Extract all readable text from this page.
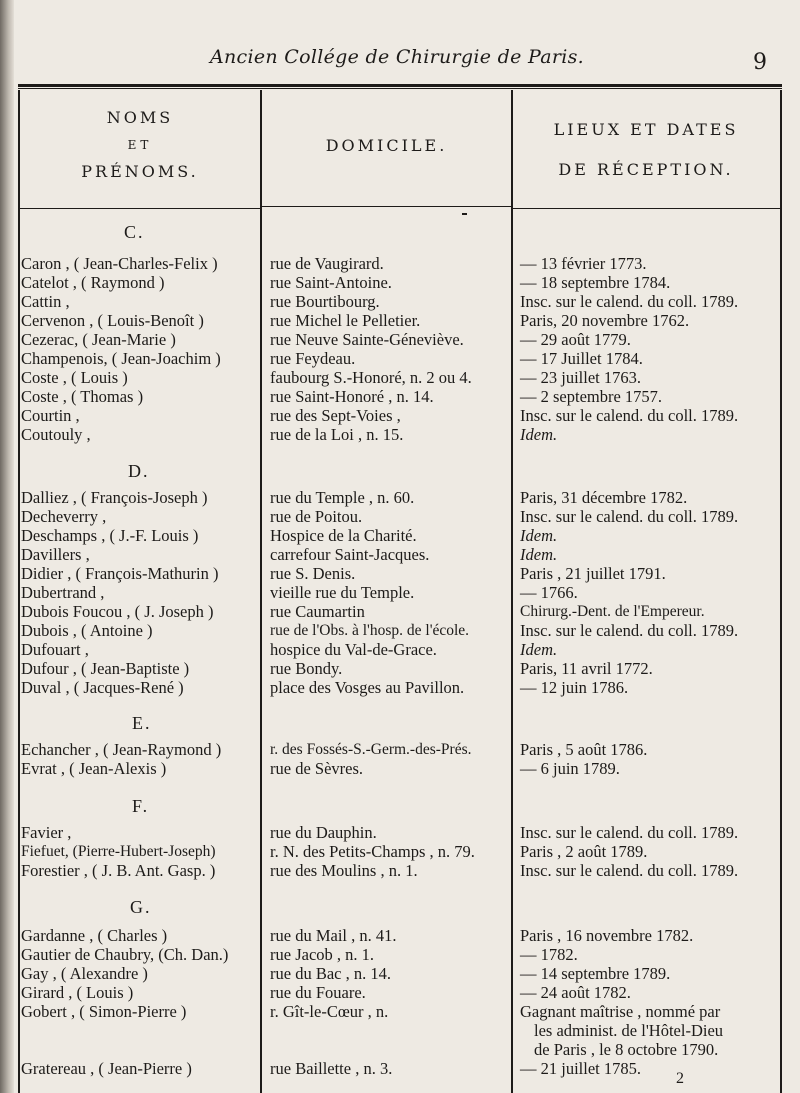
Ancien Collége de Chirurgie de Paris.	9
NOMS
ET
PRÉNOMS.
DOMICILE.
LIEUX ET DATES
DE RÉCEPTION.
C.
D.
E.
F.
G.
Caron , ( Jean-Charles-Felix )	rue de Vaugirard.	— 13 février 1773.
Catelot , ( Raymond )	rue Saint-Antoine.	— 18 septembre 1784.
Cattin ,	rue Bourtibourg.	Insc. sur le calend. du coll. 1789.
Cervenon , ( Louis-Benoît )	rue Michel le Pelletier.	Paris, 20 novembre 1762.
Cezerac, ( Jean-Marie )	rue Neuve Sainte-Géneviève.	— 29 août 1779.
Champenois, ( Jean-Joachim )	rue Feydeau.	— 17 Juillet 1784.
Coste , ( Louis )	faubourg S.-Honoré, n. 2 ou 4.	— 23 juillet 1763.
Coste , ( Thomas )	rue Saint-Honoré , n. 14.	— 2 septembre 1757.
Courtin ,	rue des Sept-Voies ,	Insc. sur le calend. du coll. 1789.
Coutouly ,	rue de la Loi , n. 15.	Idem.
Dalliez , ( François-Joseph )	rue du Temple , n. 60.	Paris, 31 décembre 1782.
Decheverry ,	rue de Poitou.	Insc. sur le calend. du coll. 1789.
Deschamps , ( J.-F. Louis )	Hospice de la Charité.	Idem.
Davillers ,	carrefour Saint-Jacques.	Idem.
Didier , ( François-Mathurin )	rue S. Denis.	Paris , 21 juillet 1791.
Dubertrand ,	vieille rue du Temple.	— 1766.
Dubois Foucou , ( J. Joseph )	rue Caumartin	Chirurg.-Dent. de l'Empereur.
Dubois , ( Antoine )	rue de l'Obs. à l'hosp. de l'école.	Insc. sur le calend. du coll. 1789.
Dufouart ,	hospice du Val-de-Grace.	Idem.
Dufour , ( Jean-Baptiste )	rue Bondy.	Paris, 11 avril 1772.
Duval , ( Jacques-René )	place des Vosges au Pavillon.	— 12 juin 1786.
Echancher , ( Jean-Raymond )	r. des Fossés-S.-Germ.-des-Prés.	Paris , 5 août 1786.
Evrat , ( Jean-Alexis )	rue de Sèvres.	— 6 juin 1789.
Favier ,	rue du Dauphin.	Insc. sur le calend. du coll. 1789.
Fiefuet, (Pierre-Hubert-Joseph)	r. N. des Petits-Champs , n. 79.	Paris , 2 août 1789.
Forestier , ( J. B. Ant. Gasp. )	rue des Moulins , n. 1.	Insc. sur le calend. du coll. 1789.
Gardanne , ( Charles )	rue du Mail , n. 41.	Paris , 16 novembre 1782.
Gautier de Chaubry, (Ch. Dan.)	rue Jacob , n. 1.	— 1782.
Gay , ( Alexandre )	rue du Bac , n. 14.	— 14 septembre 1789.
Girard , ( Louis )	rue du Fouare.	— 24 août 1782.
Gobert , ( Simon-Pierre )	r. Gît-le-Cœur , n.	Gagnant maîtrise , nommé par
les administ. de l'Hôtel-Dieu
de Paris , le 8 octobre 1790.
Gratereau , ( Jean-Pierre )	rue Baillette , n. 3.	— 21 juillet 1785.
2
